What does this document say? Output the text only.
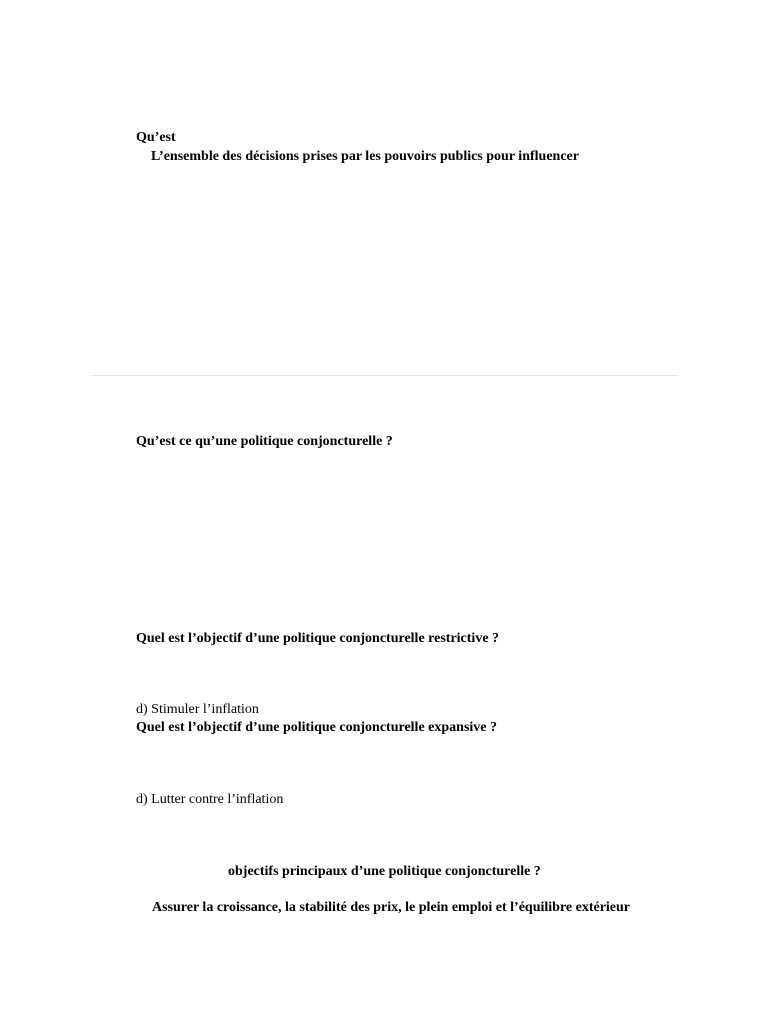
Qu’est
L’ensemble des décisions prises par les pouvoirs publics pour influencer
Qu’est ce qu’une politique conjoncturelle ?
Quel est l’objectif d’une politique conjoncturelle restrictive ?
d) Stimuler l’inflation
Quel est l’objectif d’une politique conjoncturelle expansive ?
d) Lutter contre l’inflation
objectifs principaux d’une politique conjoncturelle ?
Assurer la croissance, la stabilité des prix, le plein emploi et l’équilibre extérieur
